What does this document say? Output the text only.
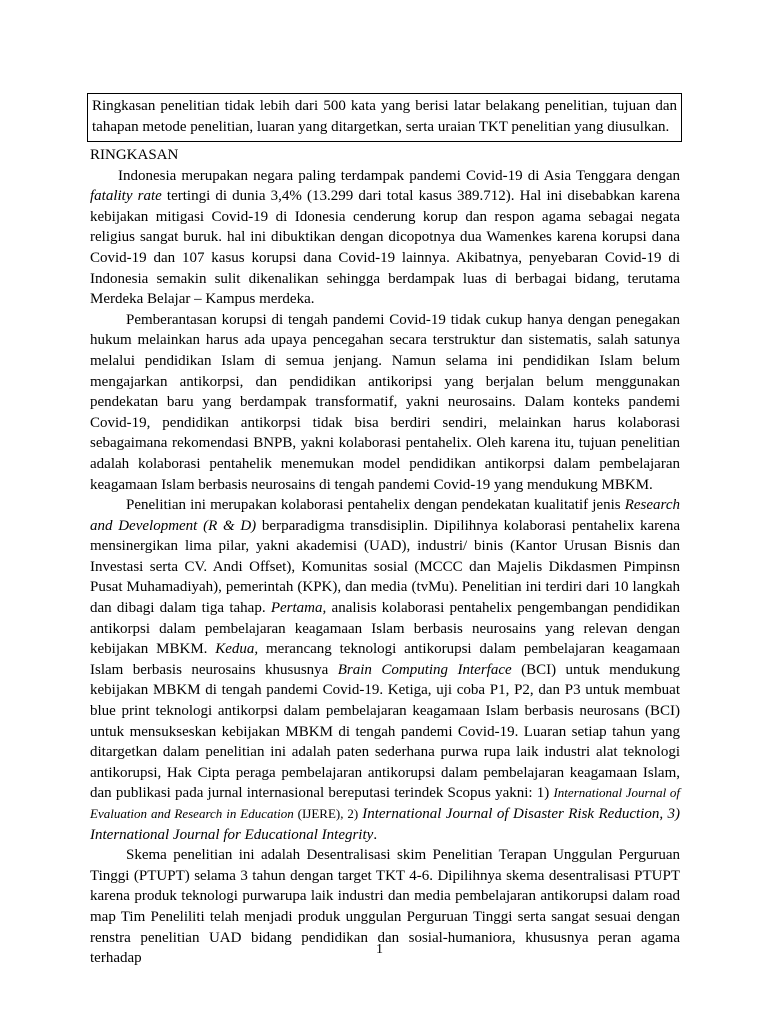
Ringkasan penelitian tidak lebih dari 500 kata yang berisi latar belakang penelitian, tujuan dan tahapan metode penelitian, luaran yang ditargetkan, serta uraian TKT penelitian yang diusulkan.
RINGKASAN

Indonesia merupakan negara paling terdampak pandemi Covid-19 di Asia Tenggara dengan fatality rate tertingi di dunia 3,4% (13.299 dari total kasus 389.712). Hal ini disebabkan karena kebijakan mitigasi Covid-19 di Idonesia cenderung korup dan respon agama sebagai negata religius sangat buruk. hal ini dibuktikan dengan dicopotnya dua Wamenkes karena korupsi dana Covid-19 dan 107 kasus korupsi dana Covid-19 lainnya. Akibatnya, penyebaran Covid-19 di Indonesia semakin sulit dikenalikan sehingga berdampak luas di berbagai bidang, terutama Merdeka Belajar – Kampus merdeka.

Pemberantasan korupsi di tengah pandemi Covid-19 tidak cukup hanya dengan penegakan hukum melainkan harus ada upaya pencegahan secara terstruktur dan sistematis, salah satunya melalui pendidikan Islam di semua jenjang. Namun selama ini pendidikan Islam belum mengajarkan antikorpsi, dan pendidikan antikoripsi yang berjalan belum menggunakan pendekatan baru yang berdampak transformatif, yakni neurosains. Dalam konteks pandemi Covid-19, pendidikan antikorpsi tidak bisa berdiri sendiri, melainkan harus kolaborasi sebagaimana rekomendasi BNPB, yakni kolaborasi pentahelix. Oleh karena itu, tujuan penelitian adalah kolaborasi pentahelik menemukan model pendidikan antikorpsi dalam pembelajaran keagamaan Islam berbasis neurosains di tengah pandemi Covid-19 yang mendukung MBKM.

Penelitian ini merupakan kolaborasi pentahelix dengan pendekatan kualitatif jenis Research and Development (R & D) berparadigma transdisiplin. Dipilihnya kolaborasi pentahelix karena mensinergikan lima pilar, yakni akademisi (UAD), industri/ binis (Kantor Urusan Bisnis dan Investasi serta CV. Andi Offset), Komunitas sosial (MCCC dan Majelis Dikdasmen Pimpinsn Pusat Muhamadiyah), pemerintah (KPK), dan media (tvMu). Penelitian ini terdiri dari 10 langkah dan dibagi dalam tiga tahap. Pertama, analisis kolaborasi pentahelix pengembangan pendidikan antikorpsi dalam pembelajaran keagamaan Islam berbasis neurosains yang relevan dengan kebijakan MBKM. Kedua, merancang teknologi antikorupsi dalam pembelajaran keagamaan Islam berbasis neurosains khususnya Brain Computing Interface (BCI) untuk mendukung kebijakan MBKM di tengah pandemi Covid-19. Ketiga, uji coba P1, P2, dan P3 untuk membuat blue print teknologi antikorpsi dalam pembelajaran keagamaan Islam berbasis neurosans (BCI) untuk mensukseskan kebijakan MBKM di tengah pandemi Covid-19. Luaran setiap tahun yang ditargetkan dalam penelitian ini adalah paten sederhana purwa rupa laik industri alat teknologi antikorupsi, Hak Cipta peraga pembelajaran antikorupsi dalam pembelajaran keagamaan Islam, dan publikasi pada jurnal internasional bereputasi terindek Scopus yakni: 1) International Journal of Evaluation and Research in Education (IJERE), 2) International Journal of Disaster Risk Reduction, 3) International Journal for Educational Integrity.

Skema penelitian ini adalah Desentralisasi skim Penelitian Terapan Unggulan Perguruan Tinggi (PTUPT) selama 3 tahun dengan target TKT 4-6. Dipilihnya skema desentralisasi PTUPT karena produk teknologi purwarupa laik industri dan media pembelajaran antikorupsi dalam road map Tim Peneliliti telah menjadi produk unggulan Perguruan Tinggi serta sangat sesuai dengan renstra penelitian UAD bidang pendidikan dan sosial-humaniora, khususnya peran agama terhadap

1
